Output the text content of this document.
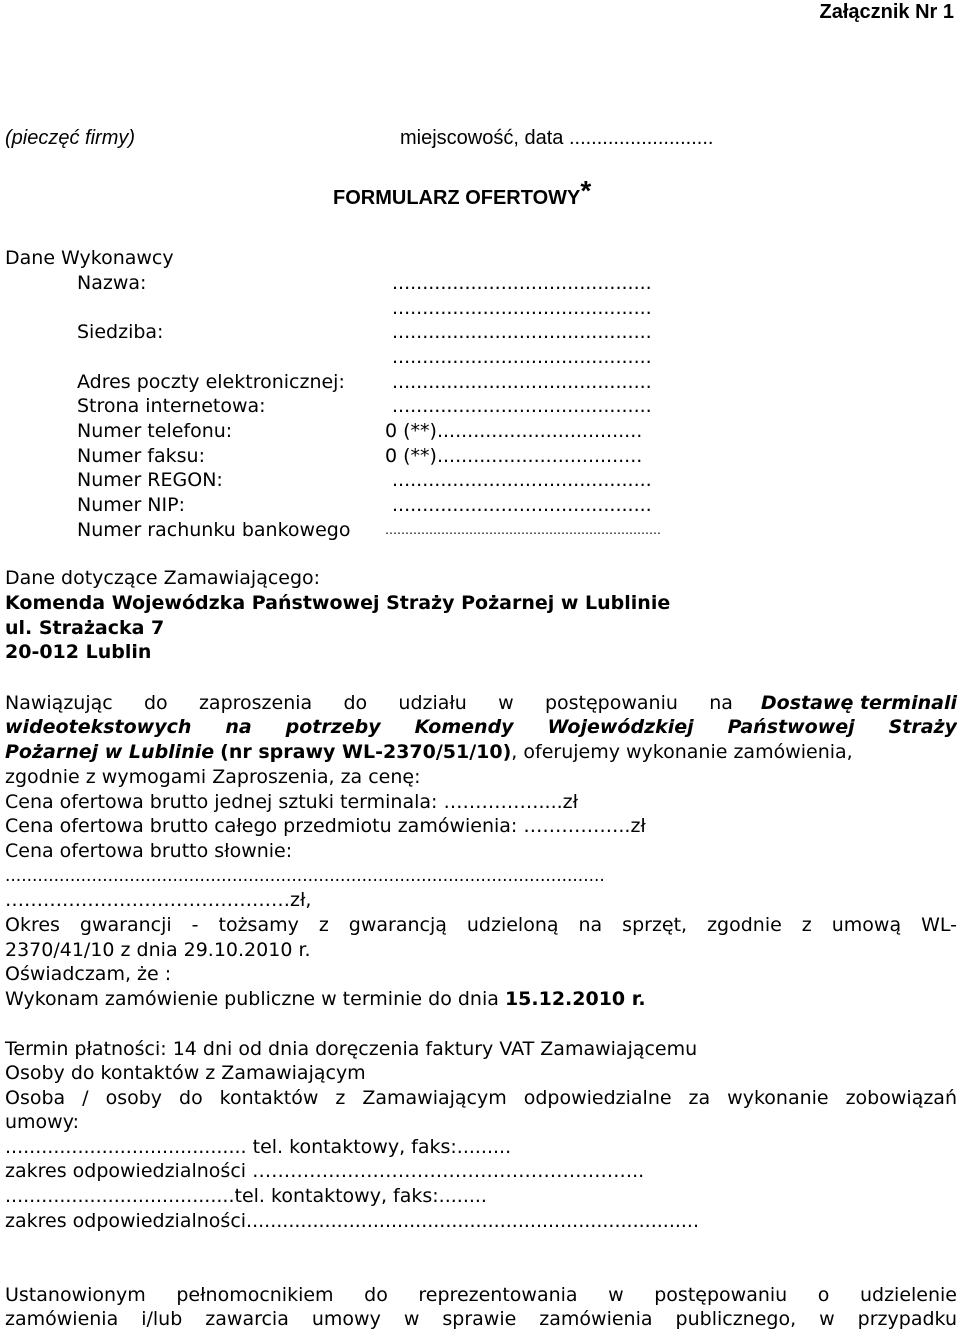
Załącznik Nr 1
(pieczęć firmy)	miejscowość, data ..........................
FORMULARZ OFERTOWY*
Dane Wykonawcy
Nazwa:	...........................................
...........................................
Siedziba:	...........................................
...........................................
Adres poczty elektronicznej: ...........................................
Strona internetowa:	...........................................
Numer telefonu:	0 (**)..................................
Numer faksu:	0 (**)..................................
Numer REGON:	...........................................
Numer NIP:	...........................................
Numer rachunku bankowego	……………………………………………………………
Dane dotyczące Zamawiającego:
Komenda Wojewódzka Państwowej Straży Pożarnej w Lublinie
ul. Strażacka 7
20-012 Lublin
Nawiązując do zaproszenia do udziału w postępowaniu na Dostawę terminali
wideotekstowych na potrzeby Komendy Wojewódzkiej Państwowej Straży
Pożarnej w Lublinie (nr sprawy WL-2370/51/10), oferujemy wykonanie zamówienia,
zgodnie z wymogami Zaproszenia, za cenę:
Cena ofertowa brutto jednej sztuki terminala: ……………....zł
Cena ofertowa brutto całego przedmiotu zamówienia: ……………..zł
Cena ofertowa brutto słownie:
...............................................................................................................
………………………………………zł,
Okres gwarancji - tożsamy z gwarancją udzieloną na sprzęt, zgodnie z umową WL-
2370/41/10 z dnia 29.10.2010 r.
Oświadczam, że :
Wykonam zamówienie publiczne w terminie do dnia 15.12.2010 r.
Termin płatności: 14 dni od dnia doręczenia faktury VAT Zamawiającemu
Osoby do kontaktów z Zamawiającym
Osoba / osoby do kontaktów z Zamawiającym odpowiedzialne za wykonanie zobowiązań
umowy:
........................................ tel. kontaktowy, faks:.........
zakres odpowiedzialności ……………………………………………………..
......................................tel. kontaktowy, faks:........
zakres odpowiedzialności...........................................................................
Ustanowionym pełnomocnikiem do reprezentowania w postępowaniu o udzielenie
zamówienia i/lub zawarcia umowy w sprawie zamówienia publicznego, w przypadku
